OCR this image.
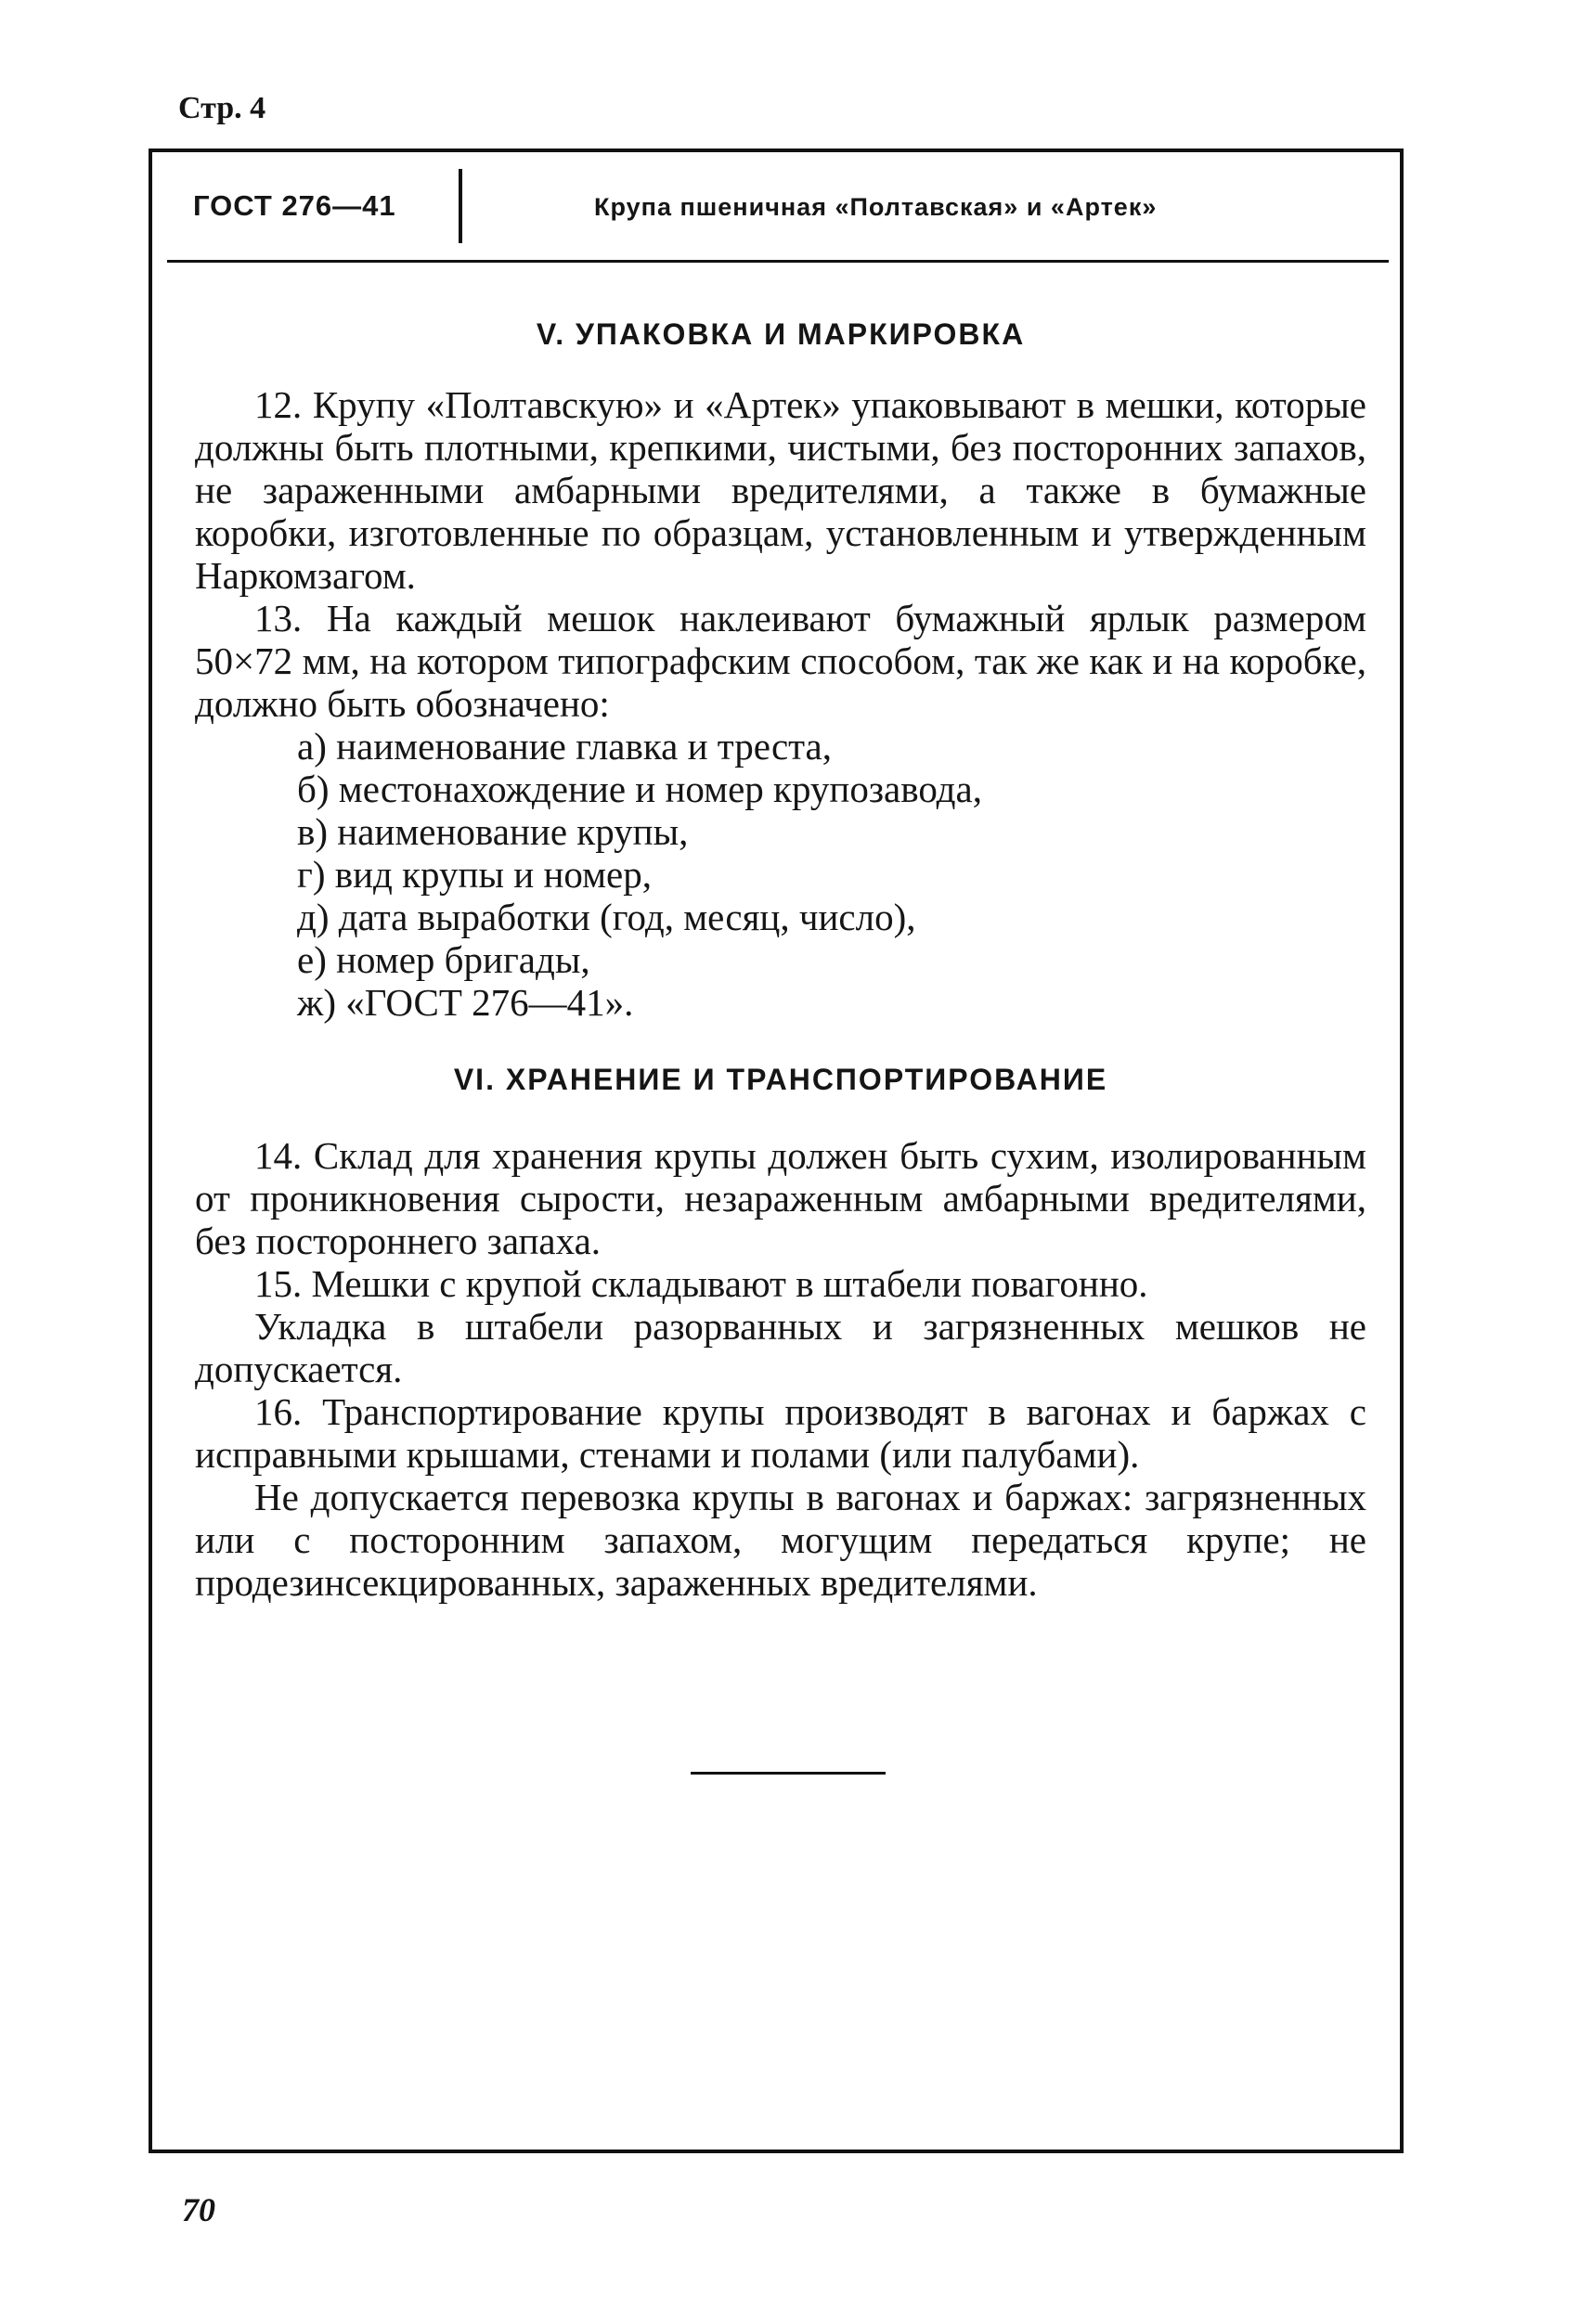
Стр. 4
ГОСТ 276—41	Крупа пшеничная «Полтавская» и «Артек»
V. УПАКОВКА И МАРКИРОВКА

12. Крупу «Полтавскую» и «Артек» упаковывают в мешки, которые должны быть плотными, крепкими, чистыми, без посторонних запахов, не зараженными амбарными вредителями, а также в бумажные коробки, изготовленные по образцам, установленным и утвержденным Наркомзагом.

13. На каждый мешок наклеивают бумажный ярлык размером 50×72 мм, на котором типографским способом, так же как и на коробке, должно быть обозначено:

а) наименование главка и треста,
б) местонахождение и номер крупозавода,
в) наименование крупы,
г) вид крупы и номер,
д) дата выработки (год, месяц, число),
е) номер бригады,
ж) «ГОСТ 276—41».
VI. ХРАНЕНИЕ И ТРАНСПОРТИРОВАНИЕ

14. Склад для хранения крупы должен быть сухим, изолированным от проникновения сырости, незараженным амбарными вредителями, без постороннего запаха.

15. Мешки с крупой складывают в штабели повагонно.

Укладка в штабели разорванных и загрязненных мешков не допускается.

16. Транспортирование крупы производят в вагонах и баржах с исправными крышами, стенами и полами (или палубами).

Не допускается перевозка крупы в вагонах и баржах: загрязненных или с посторонним запахом, могущим передаться крупе; не продезинсекцированных, зараженных вредителями.

70
